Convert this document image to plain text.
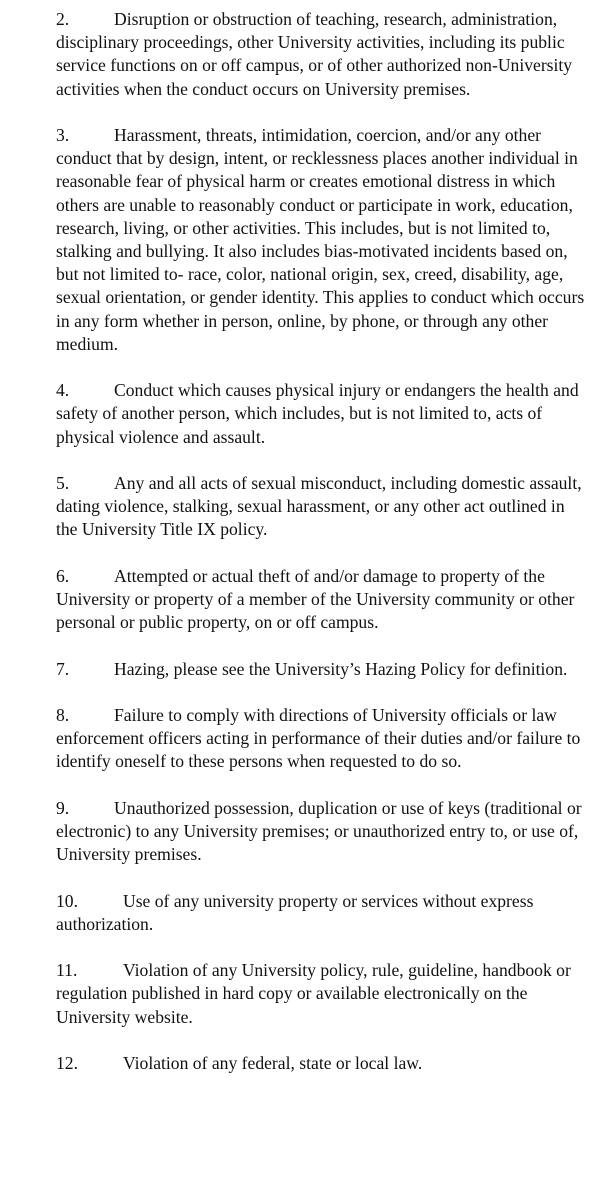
2.	Disruption or obstruction of teaching, research, administration, disciplinary proceedings, other University activities, including its public service functions on or off campus, or of other authorized non-University activities when the conduct occurs on University premises.

3.	Harassment, threats, intimidation, coercion, and/or any other conduct that by design, intent, or recklessness places another individual in reasonable fear of physical harm or creates emotional distress in which others are unable to reasonably conduct or participate in work, education, research, living, or other activities. This includes, but is not limited to, stalking and bullying. It also includes bias-motivated incidents based on, but not limited to- race, color, national origin, sex, creed, disability, age, sexual orientation, or gender identity. This applies to conduct which occurs in any form whether in person, online, by phone, or through any other medium.

4.	Conduct which causes physical injury or endangers the health and safety of another person, which includes, but is not limited to, acts of physical violence and assault.

5.	Any and all acts of sexual misconduct, including domestic assault, dating violence, stalking, sexual harassment, or any other act outlined in the University Title IX policy.

6.	Attempted or actual theft of and/or damage to property of the University or property of a member of the University community or other personal or public property, on or off campus.

7.	Hazing, please see the University’s Hazing Policy for definition.

8.	Failure to comply with directions of University officials or law enforcement officers acting in performance of their duties and/or failure to identify oneself to these persons when requested to do so.

9.	Unauthorized possession, duplication or use of keys (traditional or electronic) to any University premises; or unauthorized entry to, or use of, University premises.

10.	Use of any university property or services without express authorization.

11.	Violation of any University policy, rule, guideline, handbook or regulation published in hard copy or available electronically on the University website.

12.	Violation of any federal, state or local law.
